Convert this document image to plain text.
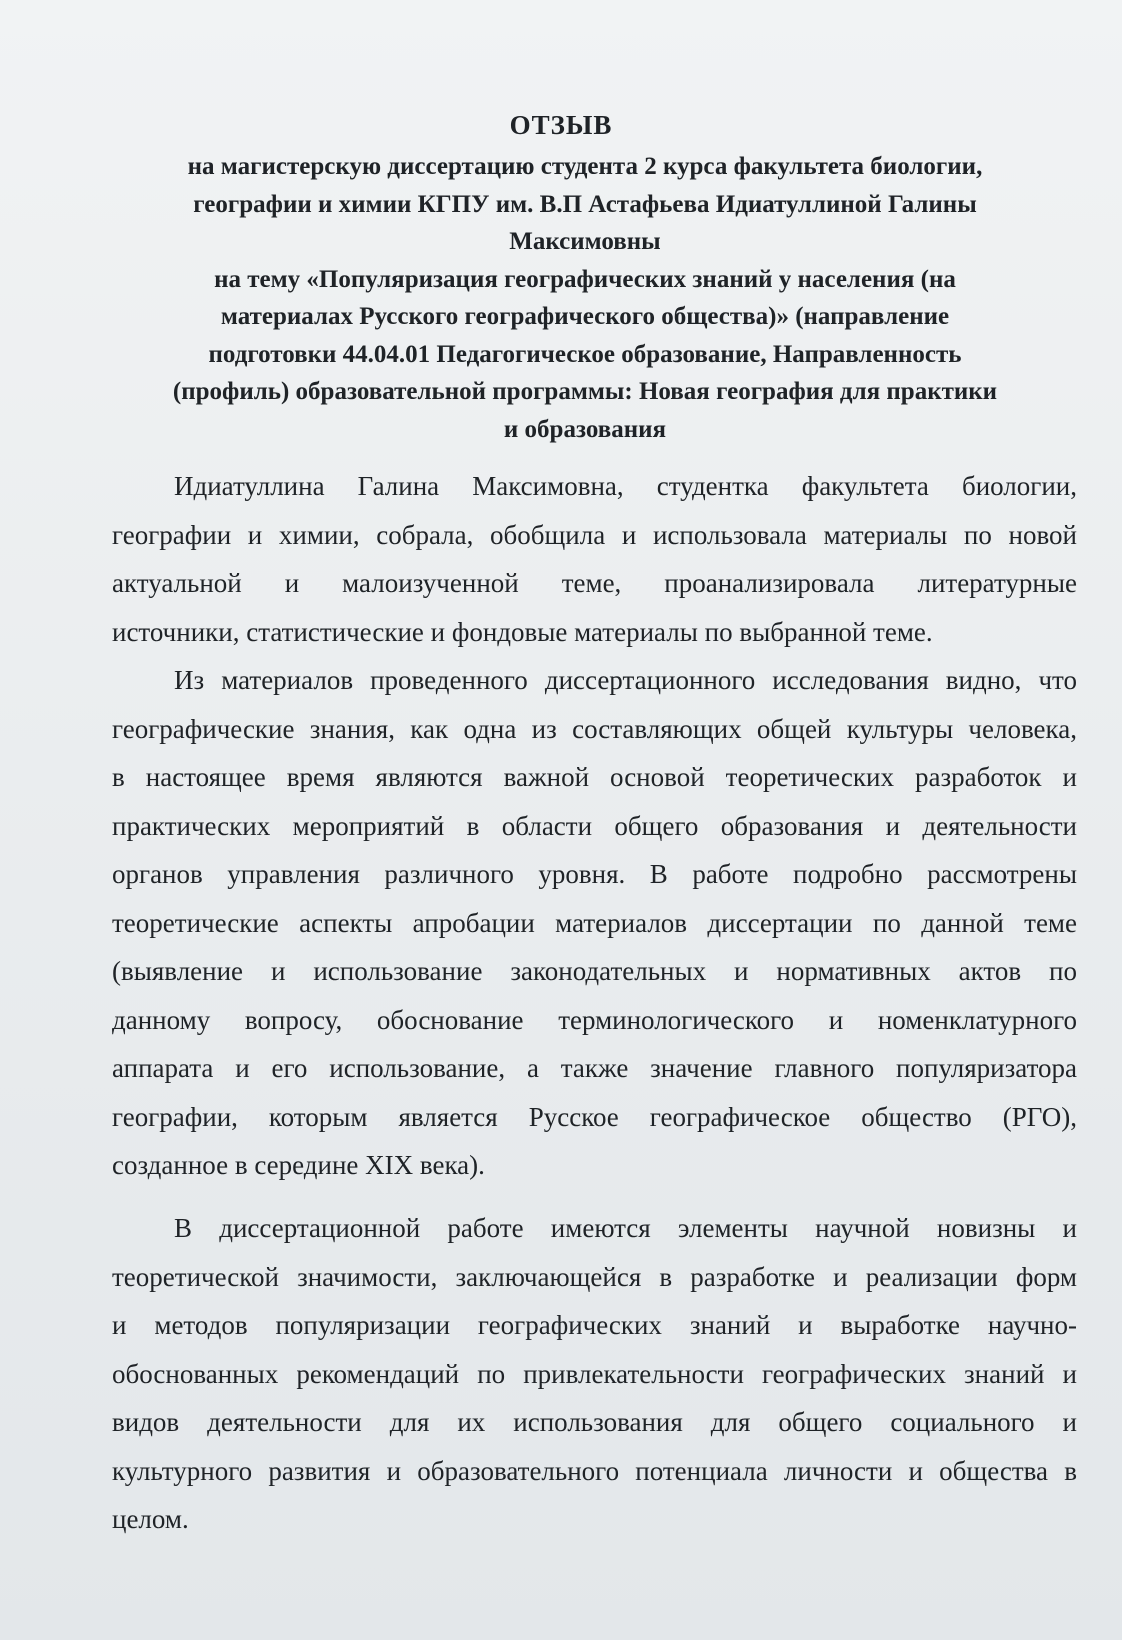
ОТЗЫВ
на магистерскую диссертацию студента 2 курса факультета биологии,
географии и химии КГПУ им. В.П Астафьева Идиатуллиной Галины
Максимовны
на тему «Популяризация географических знаний у населения (на
материалах Русского географического общества)» (направление
подготовки 44.04.01 Педагогическое образование, Направленность
(профиль) образовательной программы: Новая география для практики
и образования
Идиатуллина Галина Максимовна, студентка факультета биологии,
географии и химии, собрала, обобщила и использовала материалы по новой
актуальной и малоизученной теме, проанализировала литературные
источники, статистические и фондовые материалы по выбранной теме.
Из материалов проведенного диссертационного исследования видно, что
географические знания, как одна из составляющих общей культуры человека,
в настоящее время являются важной основой теоретических разработок и
практических мероприятий в области общего образования и деятельности
органов управления различного уровня. В работе подробно рассмотрены
теоретические аспекты апробации материалов диссертации по данной теме
(выявление и использование законодательных и нормативных актов по
данному вопросу, обоснование терминологического и номенклатурного
аппарата и его использование, а также значение главного популяризатора
географии, которым является Русское географическое общество (РГО),
созданное в середине XIX века).
В диссертационной работе имеются элементы научной новизны и
теоретической значимости, заключающейся в разработке и реализации форм
и методов популяризации географических знаний и выработке научно-
обоснованных рекомендаций по привлекательности географических знаний и
видов деятельности для их использования для общего социального и
культурного развития и образовательного потенциала личности и общества в
целом.
